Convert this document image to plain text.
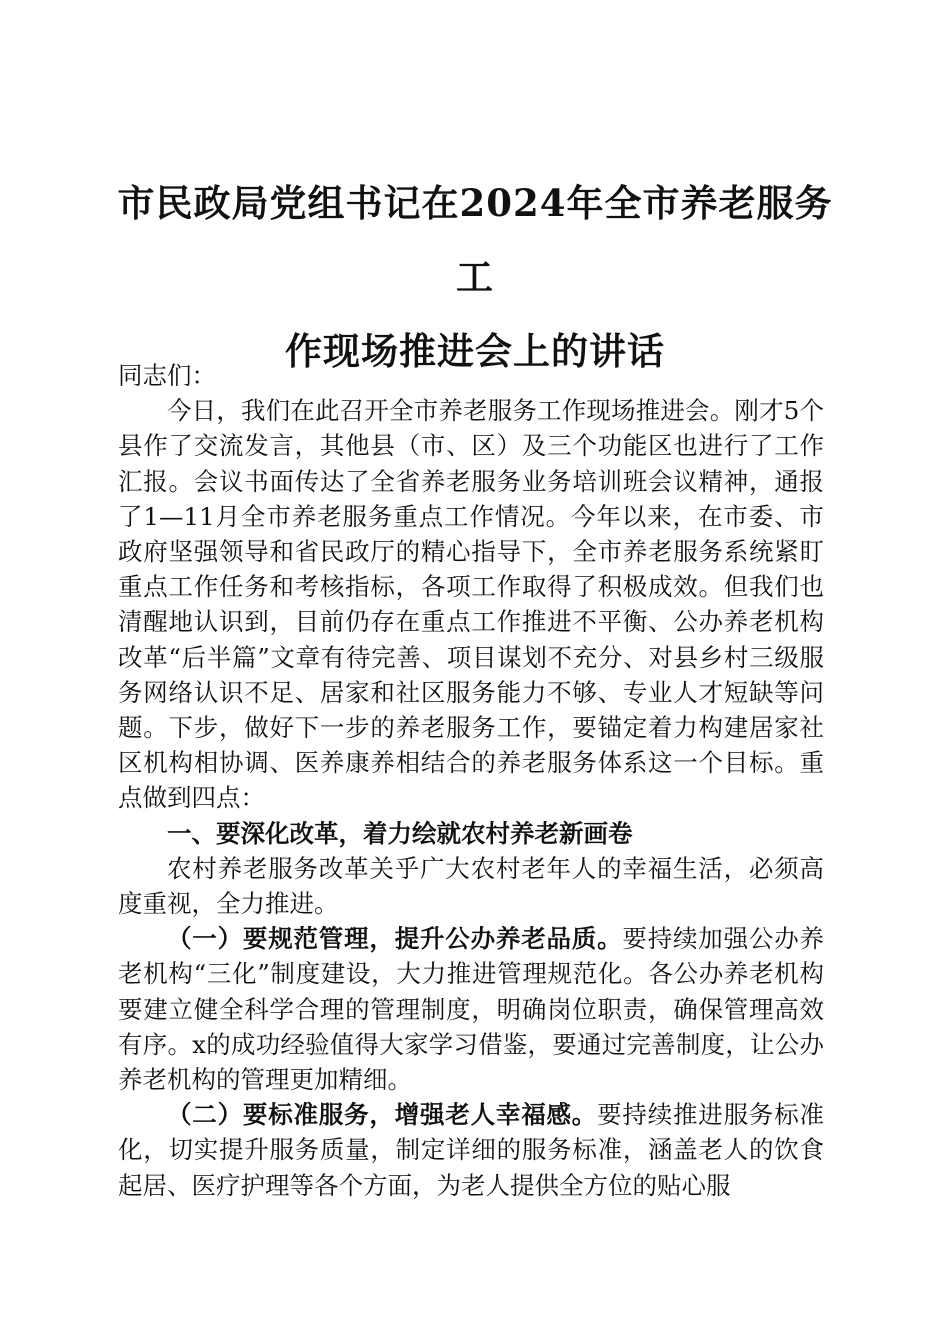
市民政局党组书记在2024年全市养老服务工
作现场推进会上的讲话

同志们：

今日，我们在此召开全市养老服务工作现场推进会。刚才5个县作了交流发言，其他县（市、区）及三个功能区也进行了工作汇报。会议书面传达了全省养老服务业务培训班会议精神，通报了1—11月全市养老服务重点工作情况。今年以来，在市委、市政府坚强领导和省民政厅的精心指导下，全市养老服务系统紧盯重点工作任务和考核指标，各项工作取得了积极成效。但我们也清醒地认识到，目前仍存在重点工作推进不平衡、公办养老机构改革“后半篇”文章有待完善、项目谋划不充分、对县乡村三级服务网络认识不足、居家和社区服务能力不够、专业人才短缺等问题。下步，做好下一步的养老服务工作，要锚定着力构建居家社区机构相协调、医养康养相结合的养老服务体系这一个目标。重点做到四点：

一、要深化改革，着力绘就农村养老新画卷

农村养老服务改革关乎广大农村老年人的幸福生活，必须高度重视，全力推进。

（一）要规范管理，提升公办养老品质。要持续加强公办养老机构“三化”制度建设，大力推进管理规范化。各公办养老机构要建立健全科学合理的管理制度，明确岗位职责，确保管理高效有序。x的成功经验值得大家学习借鉴，要通过完善制度，让公办养老机构的管理更加精细。

（二）要标准服务，增强老人幸福感。要持续推进服务标准化，切实提升服务质量，制定详细的服务标准，涵盖老人的饮食起居、医疗护理等各个方面，为老人提供全方位的贴心服
